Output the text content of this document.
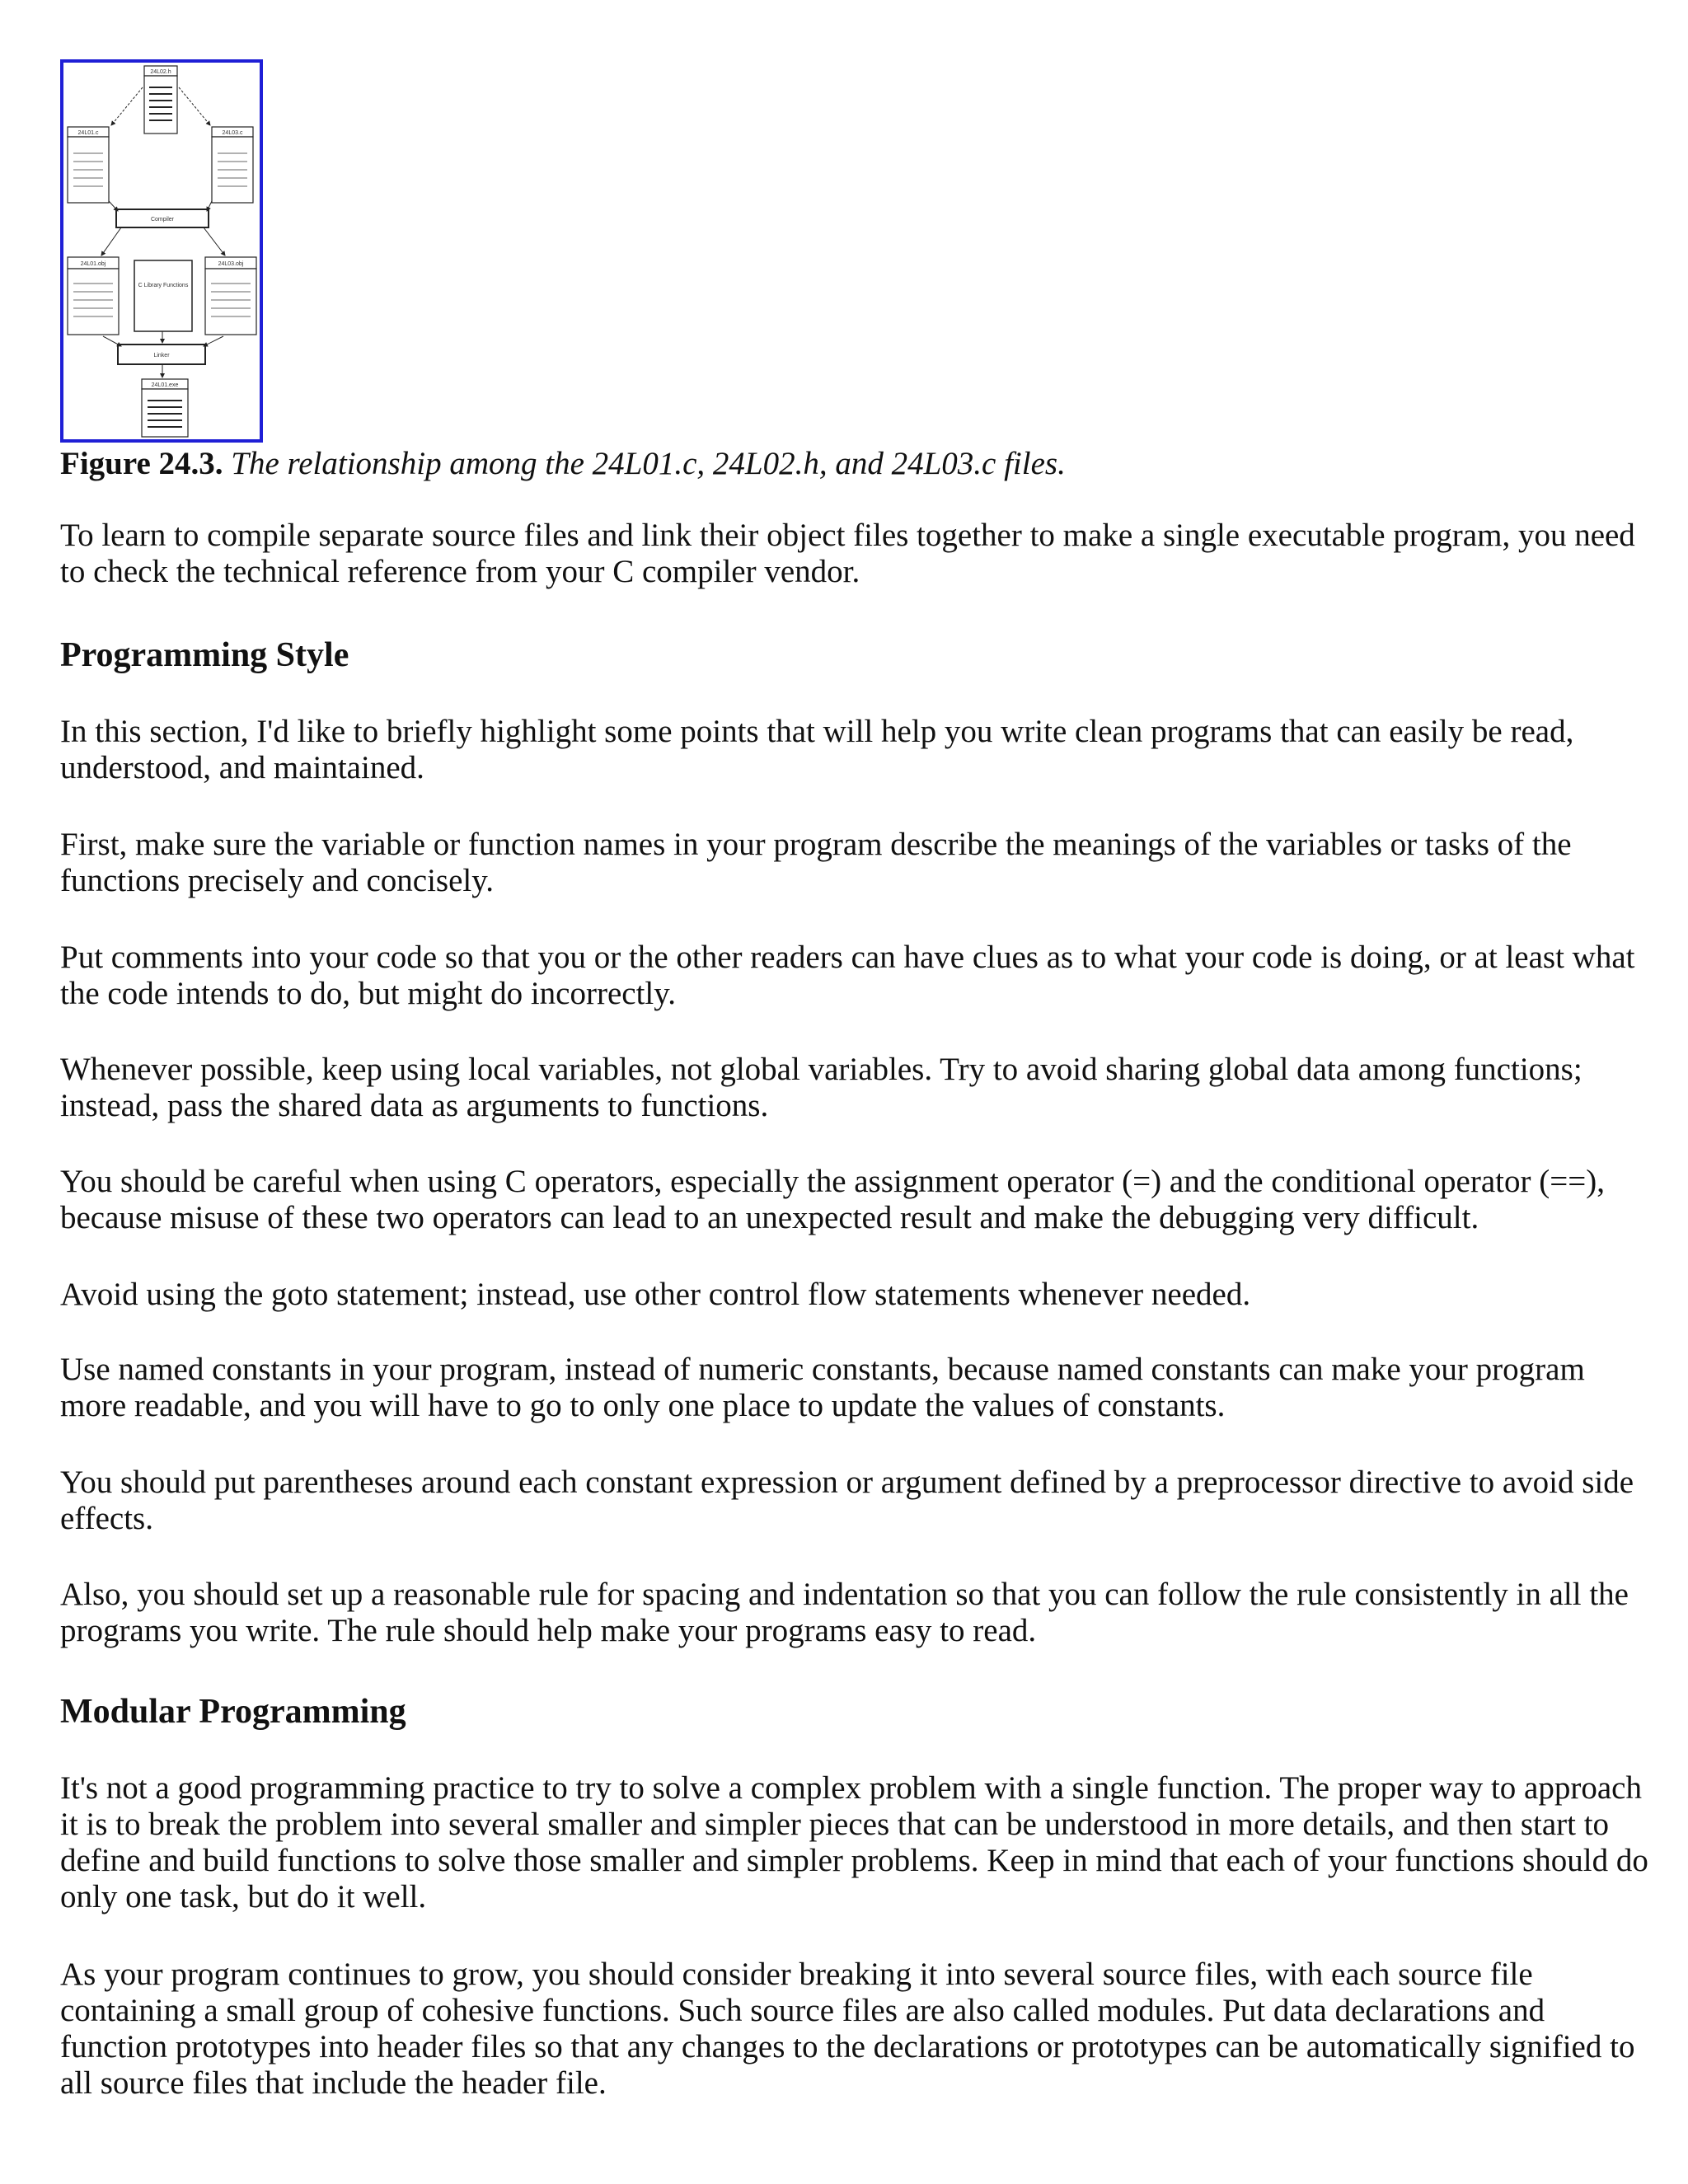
24L02.h
24L01.c	24L03.c
Compiler
24L01.obj
C Library Functions
24L03.obj
Linker
24L01.exe
Figure 24.3. The relationship among the 24L01.c, 24L02.h, and 24L03.c files.

To learn to compile separate source files and link their object files together to make a single executable program, you need to check the technical reference from your C compiler vendor.

Programming Style

In this section, I'd like to briefly highlight some points that will help you write clean programs that can easily be read, understood, and maintained.

First, make sure the variable or function names in your program describe the meanings of the variables or tasks of the functions precisely and concisely.

Put comments into your code so that you or the other readers can have clues as to what your code is doing, or at least what the code intends to do, but might do incorrectly.

Whenever possible, keep using local variables, not global variables. Try to avoid sharing global data among functions; instead, pass the shared data as arguments to functions.

You should be careful when using C operators, especially the assignment operator (=) and the conditional operator (==), because misuse of these two operators can lead to an unexpected result and make the debugging very difficult.

Avoid using the goto statement; instead, use other control flow statements whenever needed.

Use named constants in your program, instead of numeric constants, because named constants can make your program more readable, and you will have to go to only one place to update the values of constants.

You should put parentheses around each constant expression or argument defined by a preprocessor directive to avoid side effects.

Also, you should set up a reasonable rule for spacing and indentation so that you can follow the rule consistently in all the programs you write. The rule should help make your programs easy to read.

Modular Programming

It's not a good programming practice to try to solve a complex problem with a single function. The proper way to approach it is to break the problem into several smaller and simpler pieces that can be understood in more details, and then start to define and build functions to solve those smaller and simpler problems. Keep in mind that each of your functions should do only one task, but do it well.

As your program continues to grow, you should consider breaking it into several source files, with each source file containing a small group of cohesive functions. Such source files are also called modules. Put data declarations and function prototypes into header files so that any changes to the declarations or prototypes can be automatically signified to all source files that include the header file.
